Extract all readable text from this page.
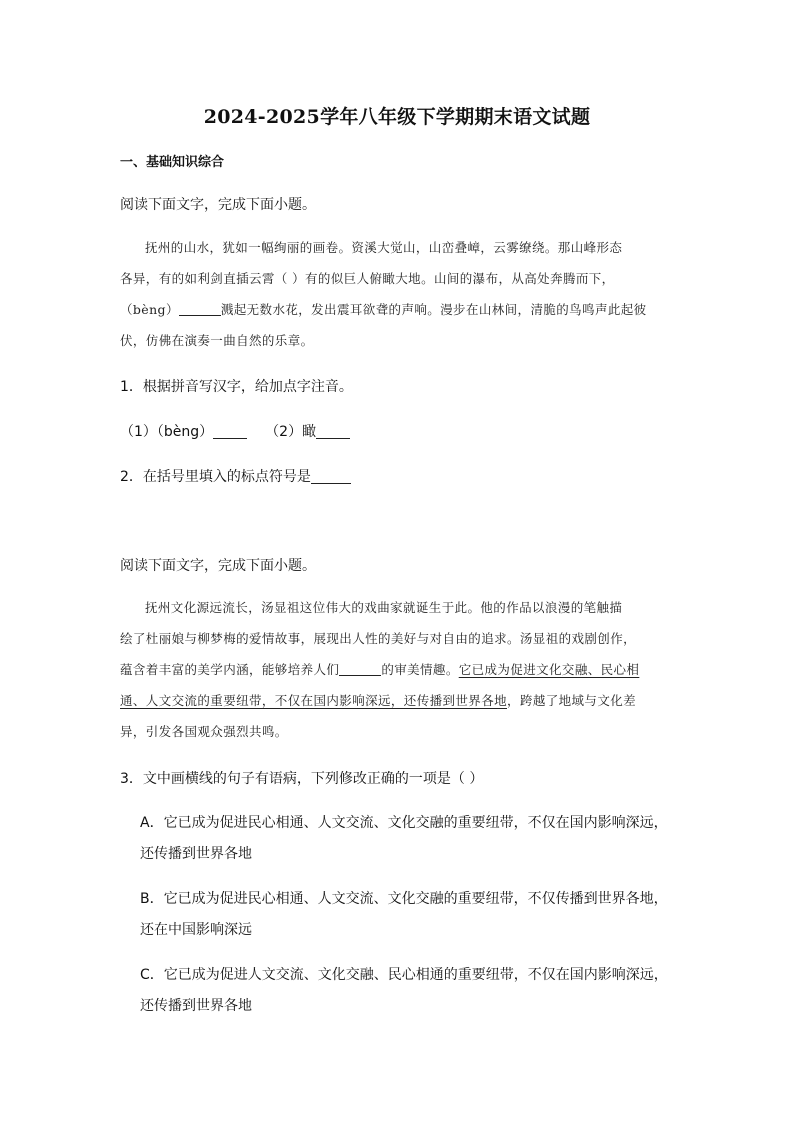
2024-2025学年八年级下学期期末语文试题
一、基础知识综合
阅读下面文字，完成下面小题。
抚州的山水，犹如一幅绚丽的画卷。资溪大觉山，山峦叠嶂，云雾缭绕。那山峰形态
各异，有的如利剑直插云霄（ ）有的似巨人俯瞰大地。山间的瀑布，从高处奔腾而下，
（bèng）	溅起无数水花，发出震耳欲聋的声响。漫步在山林间，清脆的鸟鸣声此起彼
伏，仿佛在演奏一曲自然的乐章。
1．根据拼音写汉字，给加点字注音。
（1）（bèng）	（2）瞰
2．在括号里填入的标点符号是
阅读下面文字，完成下面小题。
抚州文化源远流长，汤显祖这位伟大的戏曲家就诞生于此。他的作品以浪漫的笔触描
绘了杜丽娘与柳梦梅的爱情故事，展现出人性的美好与对自由的追求。汤显祖的戏剧创作，
蕴含着丰富的美学内涵，能够培养人们	的审美情趣。它已成为促进文化交融、民心相
通、人文交流的重要纽带，不仅在国内影响深远，还传播到世界各地，跨越了地域与文化差
异，引发各国观众强烈共鸣。
3．文中画横线的句子有语病，下列修改正确的一项是（ ）
A．它已成为促进民心相通、人文交流、文化交融的重要纽带，不仅在国内影响深远，
还传播到世界各地
B．它已成为促进民心相通、人文交流、文化交融的重要纽带，不仅传播到世界各地，
还在中国影响深远
C．它已成为促进人文交流、文化交融、民心相通的重要纽带，不仅在国内影响深远，
还传播到世界各地
